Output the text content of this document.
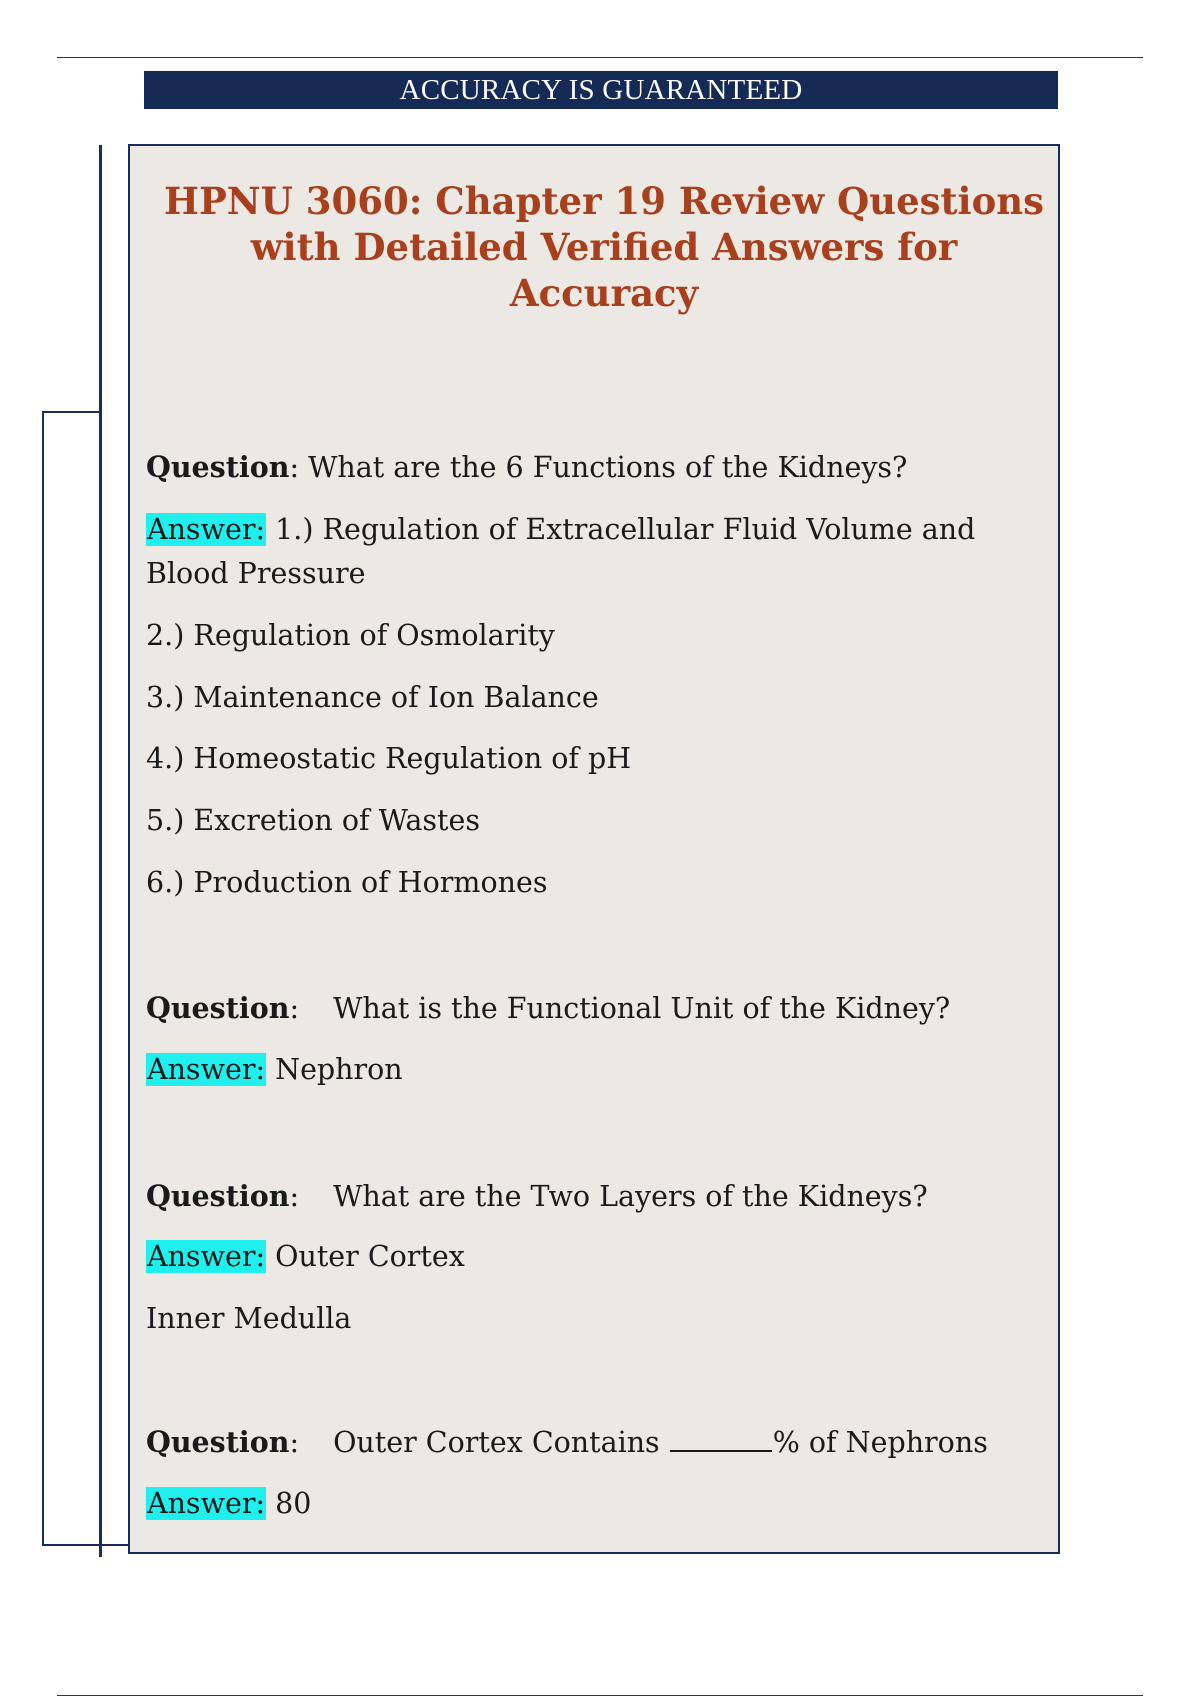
ACCURACY IS GUARANTEED
HPNU 3060: Chapter 19 Review Questions
with Detailed Verified Answers for
Accuracy
Question: What are the 6 Functions of the Kidneys?
Answer: 1.) Regulation of Extracellular Fluid Volume and Blood Pressure
2.) Regulation of Osmolarity
3.) Maintenance of Ion Balance
4.) Homeostatic Regulation of pH
5.) Excretion of Wastes
6.) Production of Hormones
Question: What is the Functional Unit of the Kidney?
Answer: Nephron
Question: What are the Two Layers of the Kidneys?
Answer: Outer Cortex
Inner Medulla
Question: Outer Cortex Contains	% of Nephrons
Answer: 80
